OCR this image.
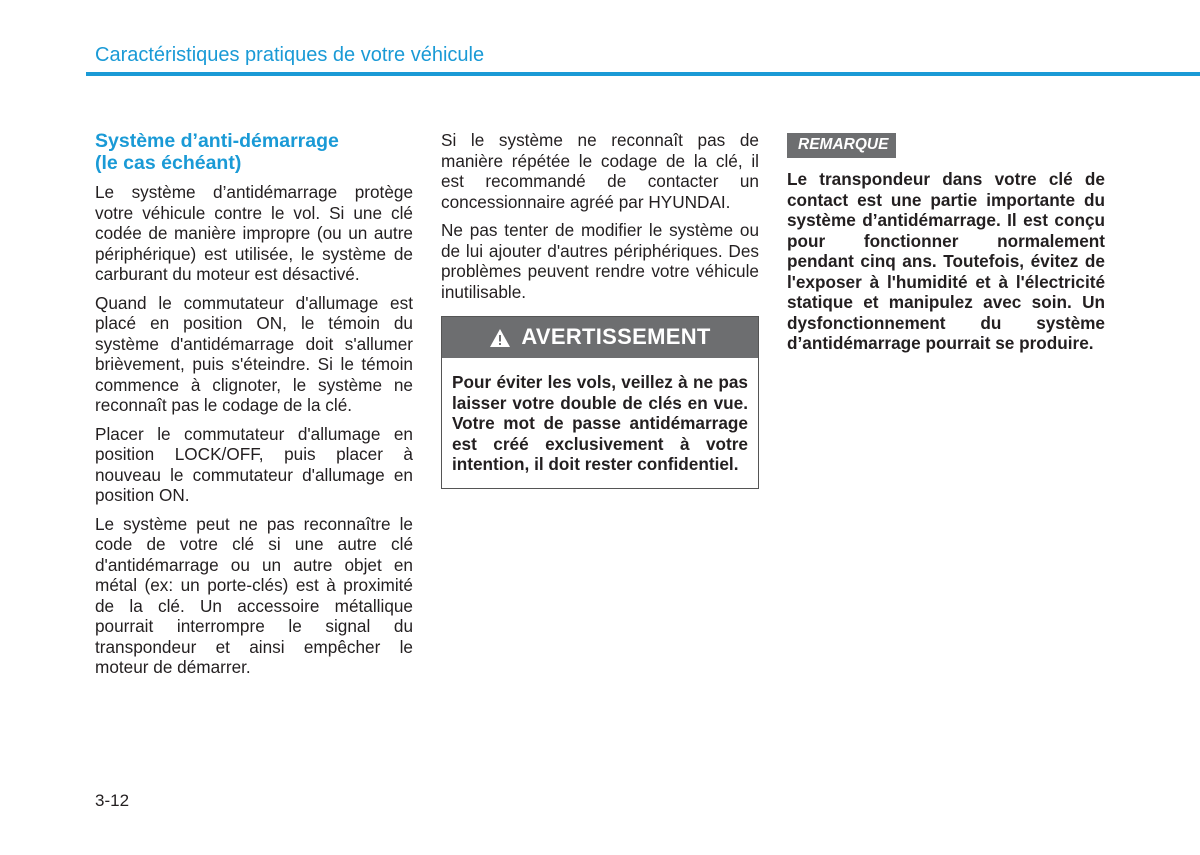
Caractéristiques pratiques de votre véhicule
Système d’anti-démarrage
(le cas échéant)

Le système d’antidémarrage protège votre véhicule contre le vol. Si une clé codée de manière impropre (ou un autre périphérique) est utilisée, le système de carburant du moteur est désactivé.

Quand le commutateur d'allumage est placé en position ON, le témoin du système d'antidémarrage doit s'allumer brièvement, puis s'éteindre. Si le témoin commence à clignoter, le système ne reconnaît pas le codage de la clé.

Placer le commutateur d'allumage en position LOCK/OFF, puis placer à nouveau le commutateur d'allumage en position ON.

Le système peut ne pas reconnaître le code de votre clé si une autre clé d'antidémarrage ou un autre objet en métal (ex: un porte-clés) est à proximité de la clé. Un accessoire métallique pourrait interrompre le signal du transpondeur et ainsi empêcher le moteur de démarrer.

Si le système ne reconnaît pas de manière répétée le codage de la clé, il est recommandé de contacter un concessionnaire agréé par HYUNDAI.

Ne pas tenter de modifier le système ou de lui ajouter d'autres périphériques. Des problèmes peuvent rendre votre véhicule inutilisable.

AVERTISSEMENT
Pour éviter les vols, veillez à ne pas laisser votre double de clés en vue. Votre mot de passe antidémarrage est créé exclusivement à votre intention, il doit rester confidentiel.
REMARQUE
Le transpondeur dans votre clé de contact est une partie importante du système d’antidémarrage. Il est conçu pour fonctionner normalement pendant cinq ans. Toutefois, évitez de l'exposer à l'humidité et à l'électricité statique et manipulez avec soin. Un dysfonctionnement du système d’antidémarrage pourrait se produire.
3-12
